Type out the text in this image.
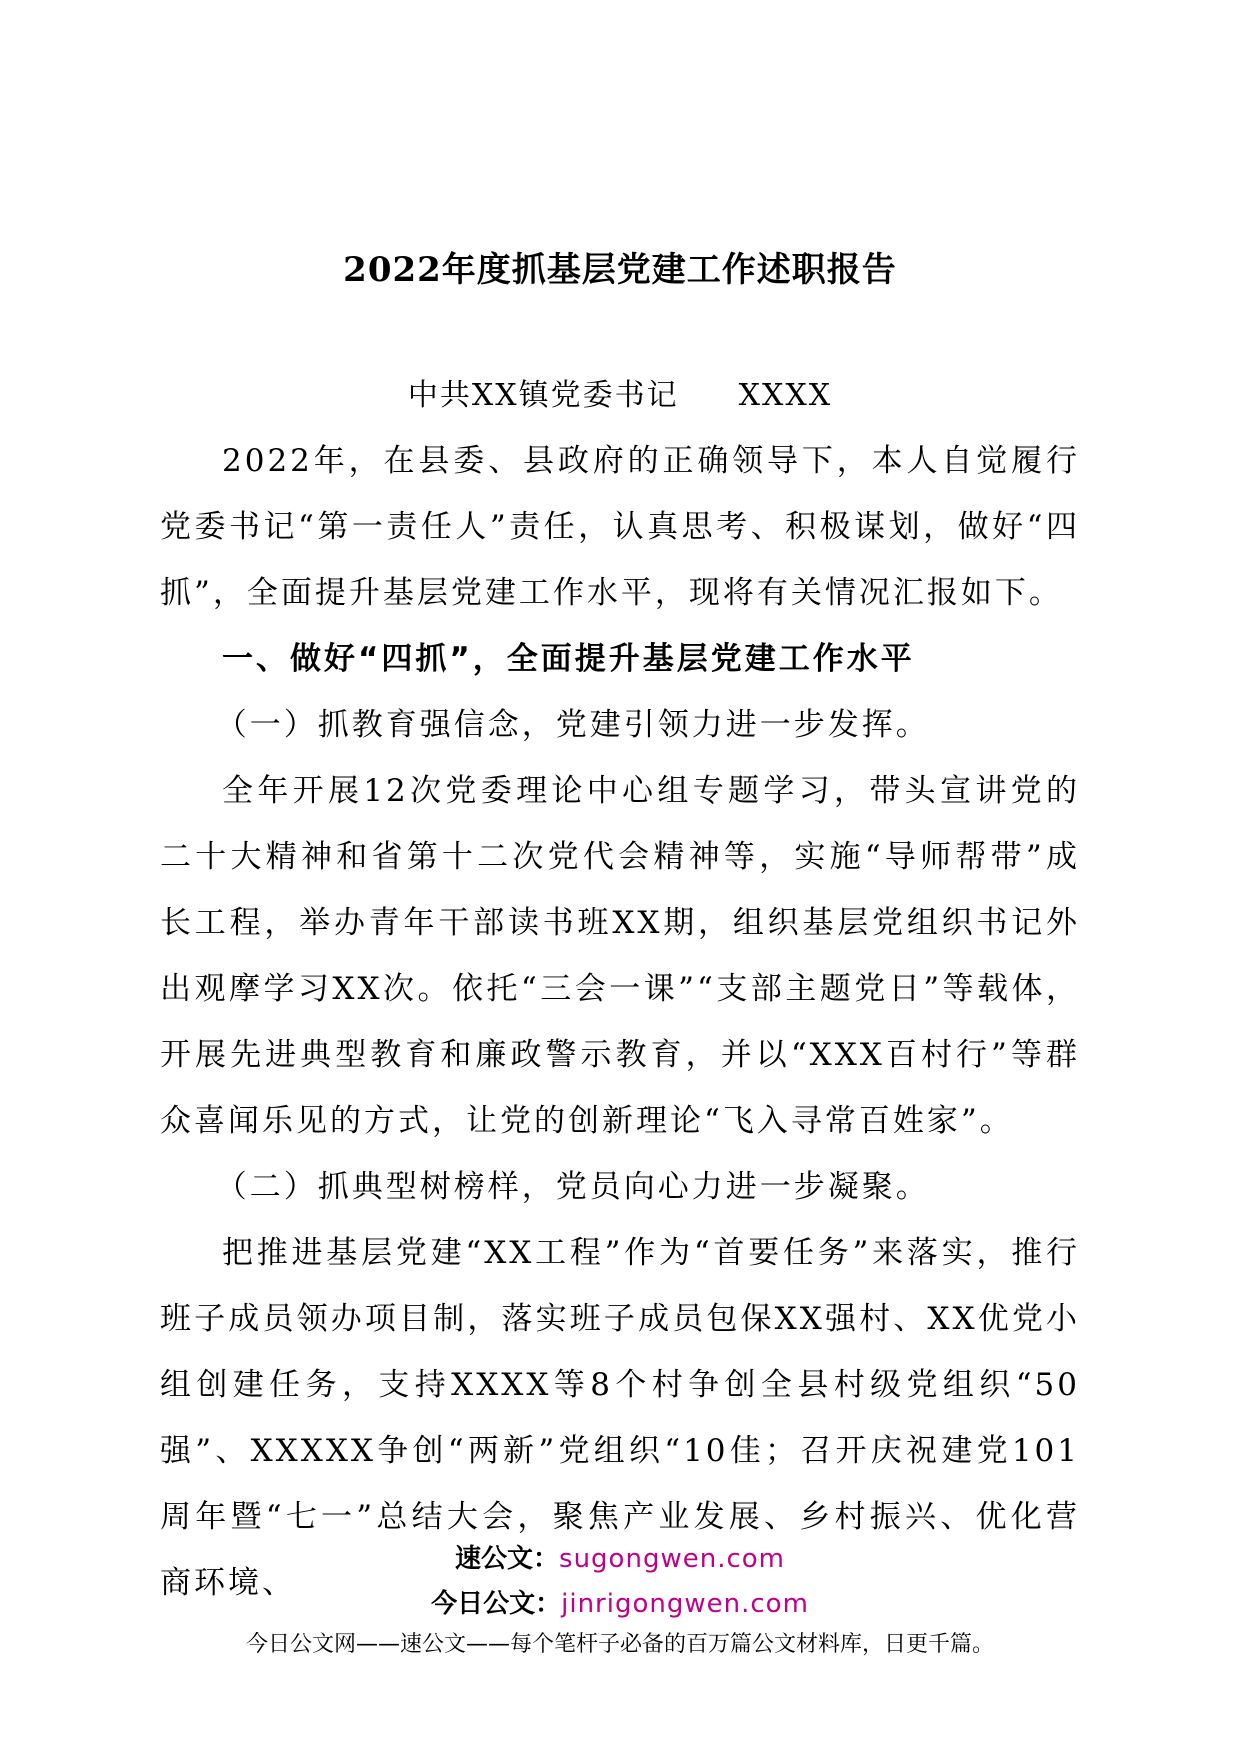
2022年度抓基层党建工作述职报告
中共XX镇党委书记 XXXX

2022年，在县委、县政府的正确领导下，本人自觉履行党委书记“第一责任人”责任，认真思考、积极谋划，做好“四抓”，全面提升基层党建工作水平，现将有关情况汇报如下。

一、做好“四抓”，全面提升基层党建工作水平

（一）抓教育强信念，党建引领力进一步发挥。

全年开展12次党委理论中心组专题学习，带头宣讲党的二十大精神和省第十二次党代会精神等，实施“导师帮带”成长工程，举办青年干部读书班XX期，组织基层党组织书记外出观摩学习XX次。依托“三会一课”“支部主题党日”等载体，开展先进典型教育和廉政警示教育，并以“XXX百村行”等群众喜闻乐见的方式，让党的创新理论“飞入寻常百姓家”。

（二）抓典型树榜样，党员向心力进一步凝聚。

把推进基层党建“XX工程”作为“首要任务”来落实，推行班子成员领办项目制，落实班子成员包保XX强村、XX优党小组创建任务，支持XXXX等8个村争创全县村级党组织“50强”、XXXXX争创“两新”党组织“10佳；召开庆祝建党101周年暨“七一”总结大会，聚焦产业发展、乡村振兴、优化营商环境、

速公文：sugongwen.com
今日公文：jinrigongwen.com
今日公文网——速公文——每个笔杆子必备的百万篇公文材料库，日更千篇。
